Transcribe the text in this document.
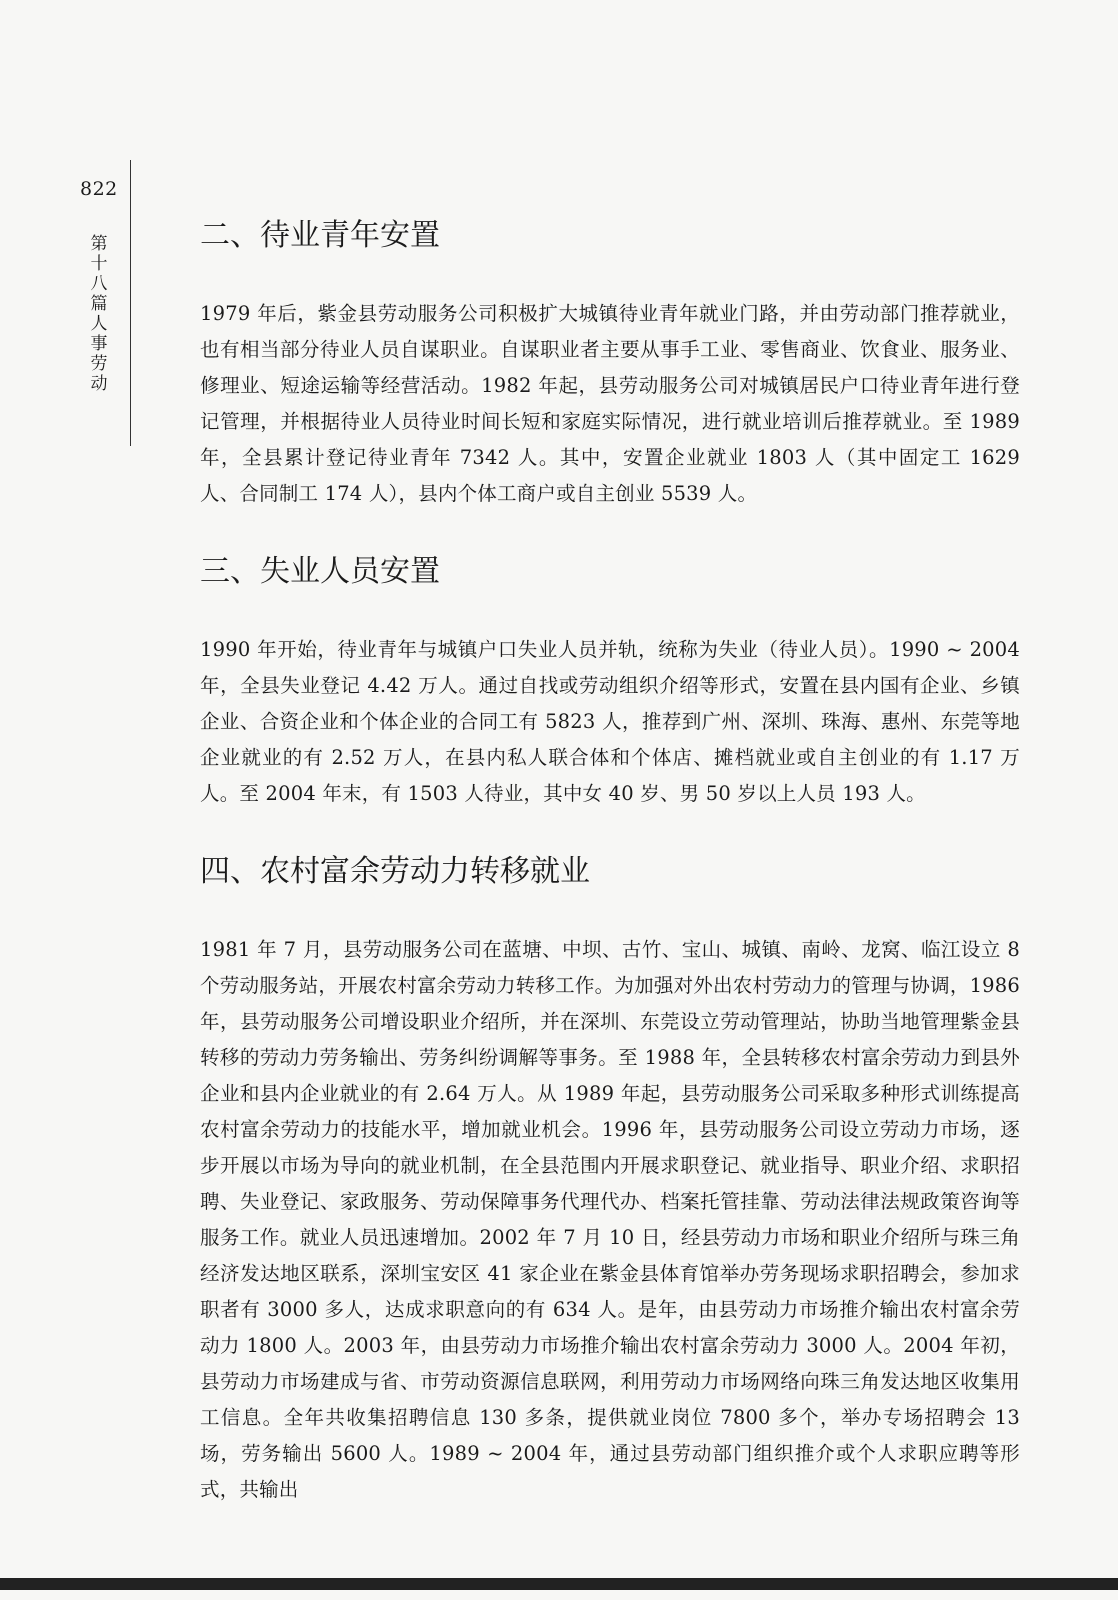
822
第十八篇 人事 劳动
二、待业青年安置

1979 年后，紫金县劳动服务公司积极扩大城镇待业青年就业门路，并由劳动部门推荐就业，也有相当部分待业人员自谋职业。自谋职业者主要从事手工业、零售商业、饮食业、服务业、修理业、短途运输等经营活动。1982 年起，县劳动服务公司对城镇居民户口待业青年进行登记管理，并根据待业人员待业时间长短和家庭实际情况，进行就业培训后推荐就业。至 1989 年，全县累计登记待业青年 7342 人。其中，安置企业就业 1803 人（其中固定工 1629 人、合同制工 174 人），县内个体工商户或自主创业 5539 人。

三、失业人员安置

1990 年开始，待业青年与城镇户口失业人员并轨，统称为失业（待业人员）。1990 ~ 2004 年，全县失业登记 4.42 万人。通过自找或劳动组织介绍等形式，安置在县内国有企业、乡镇企业、合资企业和个体企业的合同工有 5823 人，推荐到广州、深圳、珠海、惠州、东莞等地企业就业的有 2.52 万人，在县内私人联合体和个体店、摊档就业或自主创业的有 1.17 万人。至 2004 年末，有 1503 人待业，其中女 40 岁、男 50 岁以上人员 193 人。

四、农村富余劳动力转移就业

1981 年 7 月，县劳动服务公司在蓝塘、中坝、古竹、宝山、城镇、南岭、龙窝、临江设立 8 个劳动服务站，开展农村富余劳动力转移工作。为加强对外出农村劳动力的管理与协调，1986 年，县劳动服务公司增设职业介绍所，并在深圳、东莞设立劳动管理站，协助当地管理紫金县转移的劳动力劳务输出、劳务纠纷调解等事务。至 1988 年，全县转移农村富余劳动力到县外企业和县内企业就业的有 2.64 万人。从 1989 年起，县劳动服务公司采取多种形式训练提高农村富余劳动力的技能水平，增加就业机会。1996 年，县劳动服务公司设立劳动力市场，逐步开展以市场为导向的就业机制，在全县范围内开展求职登记、就业指导、职业介绍、求职招聘、失业登记、家政服务、劳动保障事务代理代办、档案托管挂靠、劳动法律法规政策咨询等服务工作。就业人员迅速增加。2002 年 7 月 10 日，经县劳动力市场和职业介绍所与珠三角经济发达地区联系，深圳宝安区 41 家企业在紫金县体育馆举办劳务现场求职招聘会，参加求职者有 3000 多人，达成求职意向的有 634 人。是年，由县劳动力市场推介输出农村富余劳动力 1800 人。2003 年，由县劳动力市场推介输出农村富余劳动力 3000 人。2004 年初，县劳动力市场建成与省、市劳动资源信息联网，利用劳动力市场网络向珠三角发达地区收集用工信息。全年共收集招聘信息 130 多条，提供就业岗位 7800 多个，举办专场招聘会 13 场，劳务输出 5600 人。1989 ~ 2004 年，通过县劳动部门组织推介或个人求职应聘等形式，共输出
